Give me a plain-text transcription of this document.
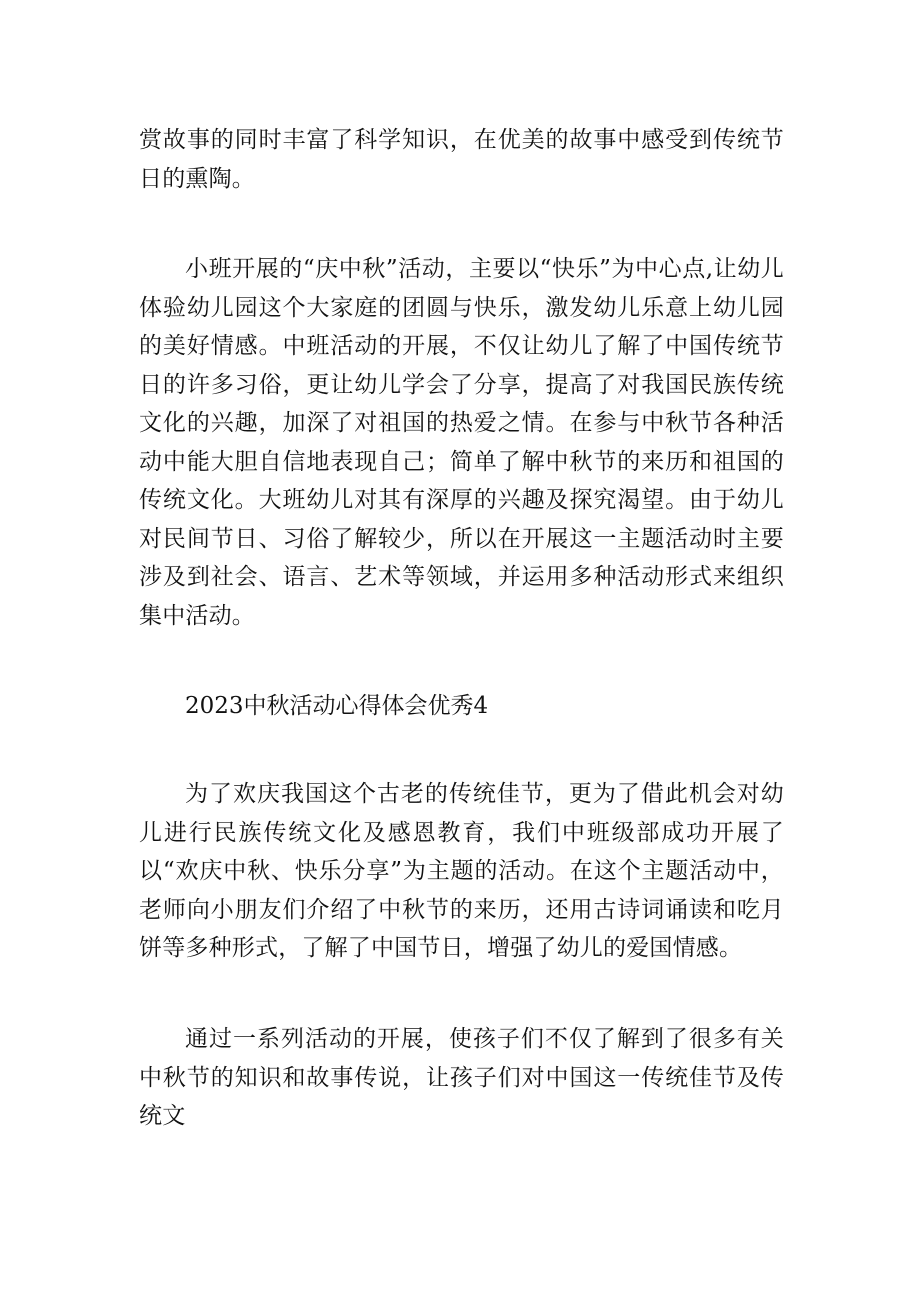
赏故事的同时丰富了科学知识，在优美的故事中感受到传统节日的熏陶。

小班开展的“庆中秋”活动，主要以“快乐”为中心点,让幼儿体验幼儿园这个大家庭的团圆与快乐，激发幼儿乐意上幼儿园的美好情感。中班活动的开展，不仅让幼儿了解了中国传统节日的许多习俗，更让幼儿学会了分享，提高了对我国民族传统文化的兴趣，加深了对祖国的热爱之情。在参与中秋节各种活动中能大胆自信地表现自己；简单了解中秋节的来历和祖国的传统文化。大班幼儿对其有深厚的兴趣及探究渴望。由于幼儿对民间节日、习俗了解较少，所以在开展这一主题活动时主要涉及到社会、语言、艺术等领域，并运用多种活动形式来组织集中活动。

2023中秋活动心得体会优秀4

为了欢庆我国这个古老的传统佳节，更为了借此机会对幼儿进行民族传统文化及感恩教育，我们中班级部成功开展了以“欢庆中秋、快乐分享”为主题的活动。在这个主题活动中，老师向小朋友们介绍了中秋节的来历，还用古诗词诵读和吃月饼等多种形式，了解了中国节日，增强了幼儿的爱国情感。

通过一系列活动的开展，使孩子们不仅了解到了很多有关中秋节的知识和故事传说，让孩子们对中国这一传统佳节及传统文
